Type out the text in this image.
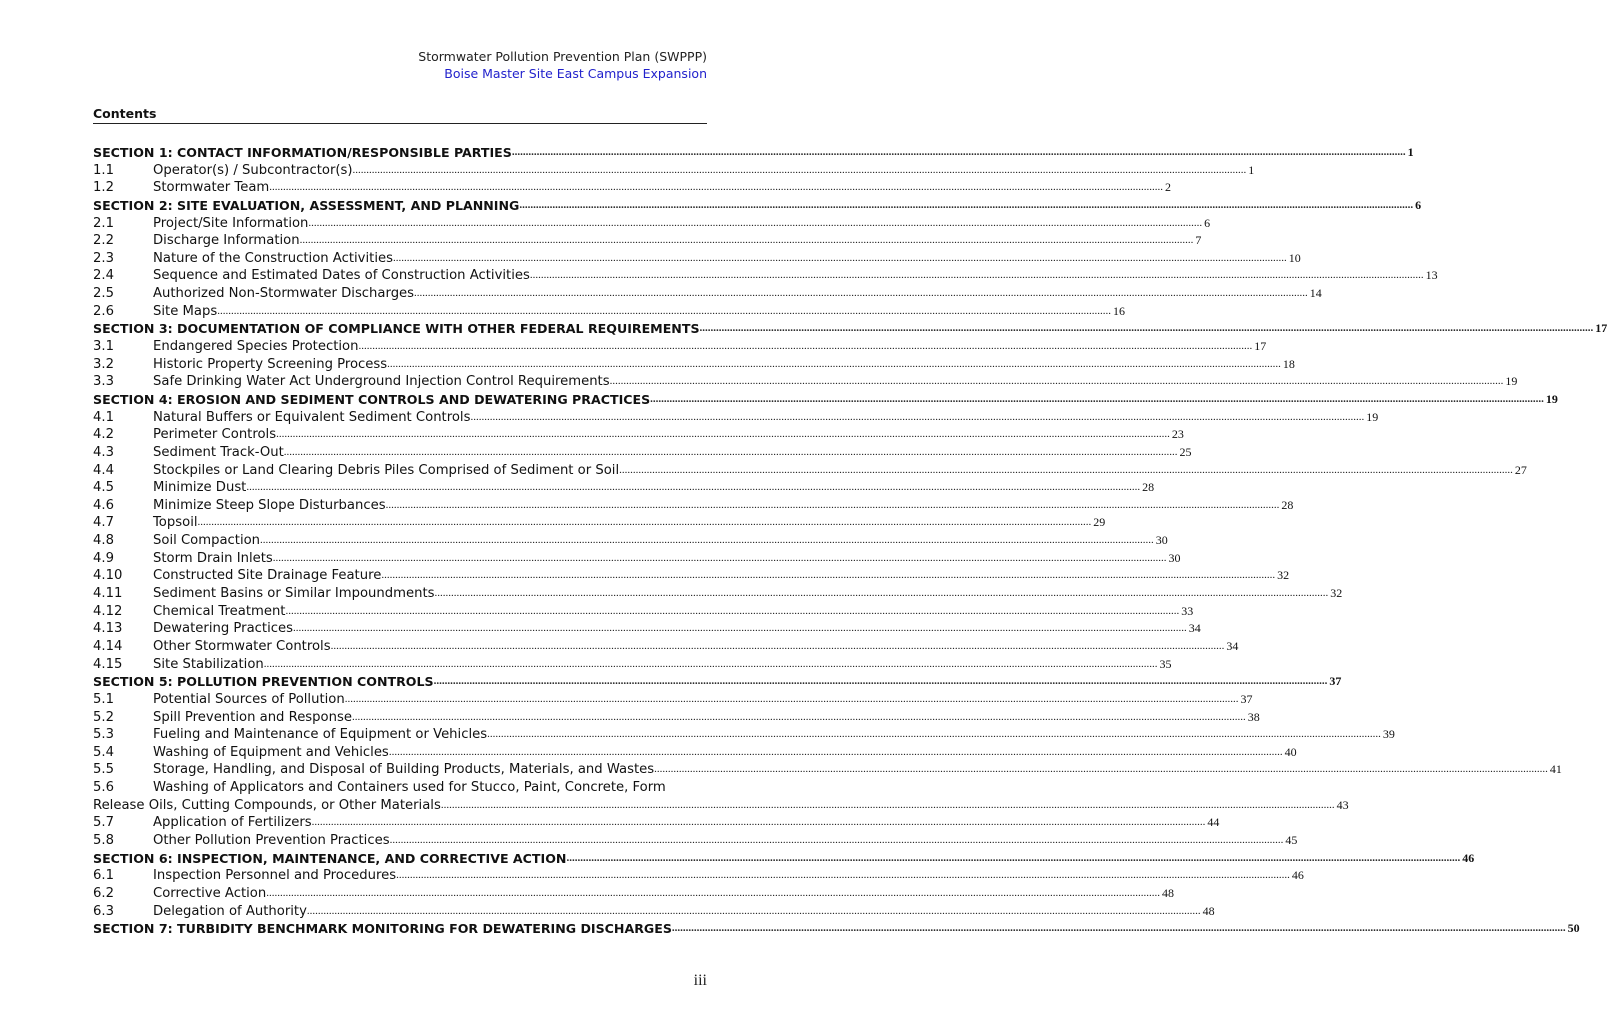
Stormwater Pollution Prevention Plan (SWPPP)
Boise Master Site East Campus Expansion
Contents
SECTION 1: CONTACT INFORMATION/RESPONSIBLE PARTIES .....	1
1.1	Operator(s) / Subcontractor(s) .....	1
1.2	Stormwater Team .....	2
SECTION 2: SITE EVALUATION, ASSESSMENT, AND PLANNING .....	6
2.1	Project/Site Information .....	6
2.2	Discharge Information .....	7
2.3	Nature of the Construction Activities .....	10
2.4	Sequence and Estimated Dates of Construction Activities .....	13
2.5	Authorized Non-Stormwater Discharges .....	14
2.6	Site Maps .....	16
SECTION 3: DOCUMENTATION OF COMPLIANCE WITH OTHER FEDERAL REQUIREMENTS .....	17
3.1	Endangered Species Protection .....	17
3.2	Historic Property Screening Process .....	18
3.3	Safe Drinking Water Act Underground Injection Control Requirements .....	19
SECTION 4: EROSION AND SEDIMENT CONTROLS AND DEWATERING PRACTICES .....	19
4.1	Natural Buffers or Equivalent Sediment Controls .....	19
4.2	Perimeter Controls .....	23
4.3	Sediment Track-Out .....	25
4.4	Stockpiles or Land Clearing Debris Piles Comprised of Sediment or Soil .....	27
4.5	Minimize Dust .....	28
4.6	Minimize Steep Slope Disturbances .....	28
4.7	Topsoil .....	29
4.8	Soil Compaction .....	30
4.9	Storm Drain Inlets .....	30
4.10	Constructed Site Drainage Feature .....	32
4.11	Sediment Basins or Similar Impoundments .....	32
4.12	Chemical Treatment .....	33
4.13	Dewatering Practices .....	34
4.14	Other Stormwater Controls .....	34
4.15	Site Stabilization .....	35
SECTION 5: POLLUTION PREVENTION CONTROLS .....	37
5.1	Potential Sources of Pollution .....	37
5.2	Spill Prevention and Response .....	38
5.3	Fueling and Maintenance of Equipment or Vehicles .....	39
5.4	Washing of Equipment and Vehicles .....	40
5.5	Storage, Handling, and Disposal of Building Products, Materials, and Wastes .....	41
5.6	Washing of Applicators and Containers used for Stucco, Paint, Concrete, Form
Release Oils, Cutting Compounds, or Other Materials .....	43
5.7	Application of Fertilizers .....	44
5.8	Other Pollution Prevention Practices .....	45
SECTION 6: INSPECTION, MAINTENANCE, AND CORRECTIVE ACTION .....	46
6.1	Inspection Personnel and Procedures .....	46
6.2	Corrective Action .....	48
6.3	Delegation of Authority .....	48
SECTION 7: TURBIDITY BENCHMARK MONITORING FOR DEWATERING DISCHARGES .....	50
iii
